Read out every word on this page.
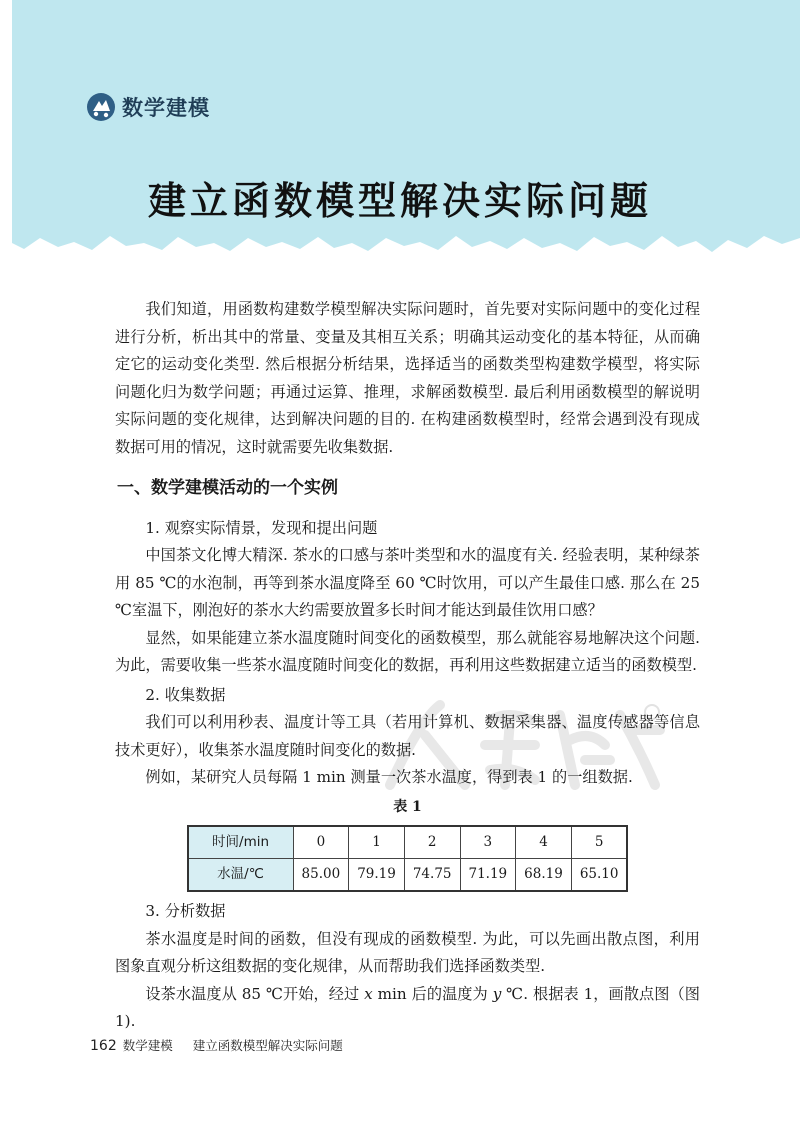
数学建模
建立函数模型解决实际问题

我们知道，用函数构建数学模型解决实际问题时，首先要对实际问题中的变化过程进行分析，析出其中的常量、变量及其相互关系；明确其运动变化的基本特征，从而确定它的运动变化类型. 然后根据分析结果，选择适当的函数类型构建数学模型，将实际问题化归为数学问题；再通过运算、推理，求解函数模型. 最后利用函数模型的解说明实际问题的变化规律，达到解决问题的目的. 在构建函数模型时，经常会遇到没有现成数据可用的情况，这时就需要先收集数据.

一、数学建模活动的一个实例

1. 观察实际情景，发现和提出问题

中国茶文化博大精深. 茶水的口感与茶叶类型和水的温度有关. 经验表明，某种绿茶用 85 ℃的水泡制，再等到茶水温度降至 60 ℃时饮用，可以产生最佳口感. 那么在 25 ℃室温下，刚泡好的茶水大约需要放置多长时间才能达到最佳饮用口感？

显然，如果能建立茶水温度随时间变化的函数模型，那么就能容易地解决这个问题. 为此，需要收集一些茶水温度随时间变化的数据，再利用这些数据建立适当的函数模型.

2. 收集数据

我们可以利用秒表、温度计等工具（若用计算机、数据采集器、温度传感器等信息技术更好），收集茶水温度随时间变化的数据.

例如，某研究人员每隔 1 min 测量一次茶水温度，得到表 1 的一组数据.

表 1
时间/min	0	1	2	3	4	5
水温/℃	85.00	79.19	74.75	71.19	68.19	65.10

3. 分析数据

茶水温度是时间的函数，但没有现成的函数模型. 为此，可以先画出散点图，利用图象直观分析这组数据的变化规律，从而帮助我们选择函数类型.

设茶水温度从 85 ℃开始，经过 x min 后的温度为 y ℃. 根据表 1，画散点图（图 1).

162 数学建模 建立函数模型解决实际问题
